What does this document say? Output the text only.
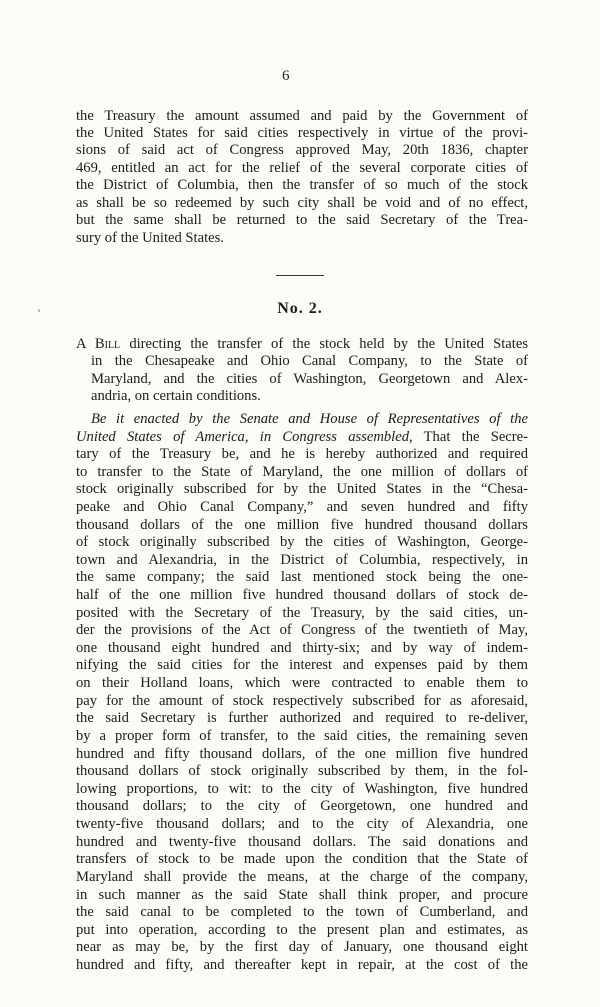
6
the Treasury the amount assumed and paid by the Government of
the United States for said cities respectively in virtue of the provi-
sions of said act of Congress approved May, 20th 1836, chapter
469, entitled an act for the relief of the several corporate cities of
the District of Columbia, then the transfer of so much of the stock
as shall be so redeemed by such city shall be void and of no effect,
but the same shall be returned to the said Secretary of the Trea-
sury of the United States.
No. 2.
'
A Bill directing the transfer of the stock held by the United States
in the Chesapeake and Ohio Canal Company, to the State of
Maryland, and the cities of Washington, Georgetown and Alex-
andria, on certain conditions.
Be it enacted by the Senate and House of Representatives of the
United States of America, in Congress assembled, That the Secre-
tary of the Treasury be, and he is hereby authorized and required
to transfer to the State of Maryland, the one million of dollars of
stock originally subscribed for by the United States in the “Chesa-
peake and Ohio Canal Company,” and seven hundred and fifty
thousand dollars of the one million five hundred thousand dollars
of stock originally subscribed by the cities of Washington, George-
town and Alexandria, in the District of Columbia, respectively, in
the same company; the said last mentioned stock being the one-
half of the one million five hundred thousand dollars of stock de-
posited with the Secretary of the Treasury, by the said cities, un-
der the provisions of the Act of Congress of the twentieth of May,
one thousand eight hundred and thirty-six; and by way of indem-
nifying the said cities for the interest and expenses paid by them
on their Holland loans, which were contracted to enable them to
pay for the amount of stock respectively subscribed for as aforesaid,
the said Secretary is further authorized and required to re-deliver,
by a proper form of transfer, to the said cities, the remaining seven
hundred and fifty thousand dollars, of the one million five hundred
thousand dollars of stock originally subscribed by them, in the fol-
lowing proportions, to wit: to the city of Washington, five hundred
thousand dollars; to the city of Georgetown, one hundred and
twenty-five thousand dollars; and to the city of Alexandria, one
hundred and twenty-five thousand dollars. The said donations and
transfers of stock to be made upon the condition that the State of
Maryland shall provide the means, at the charge of the company,
in such manner as the said State shall think proper, and procure
the said canal to be completed to the town of Cumberland, and
put into operation, according to the present plan and estimates, as
near as may be, by the first day of January, one thousand eight
hundred and fifty, and thereafter kept in repair, at the cost of the
